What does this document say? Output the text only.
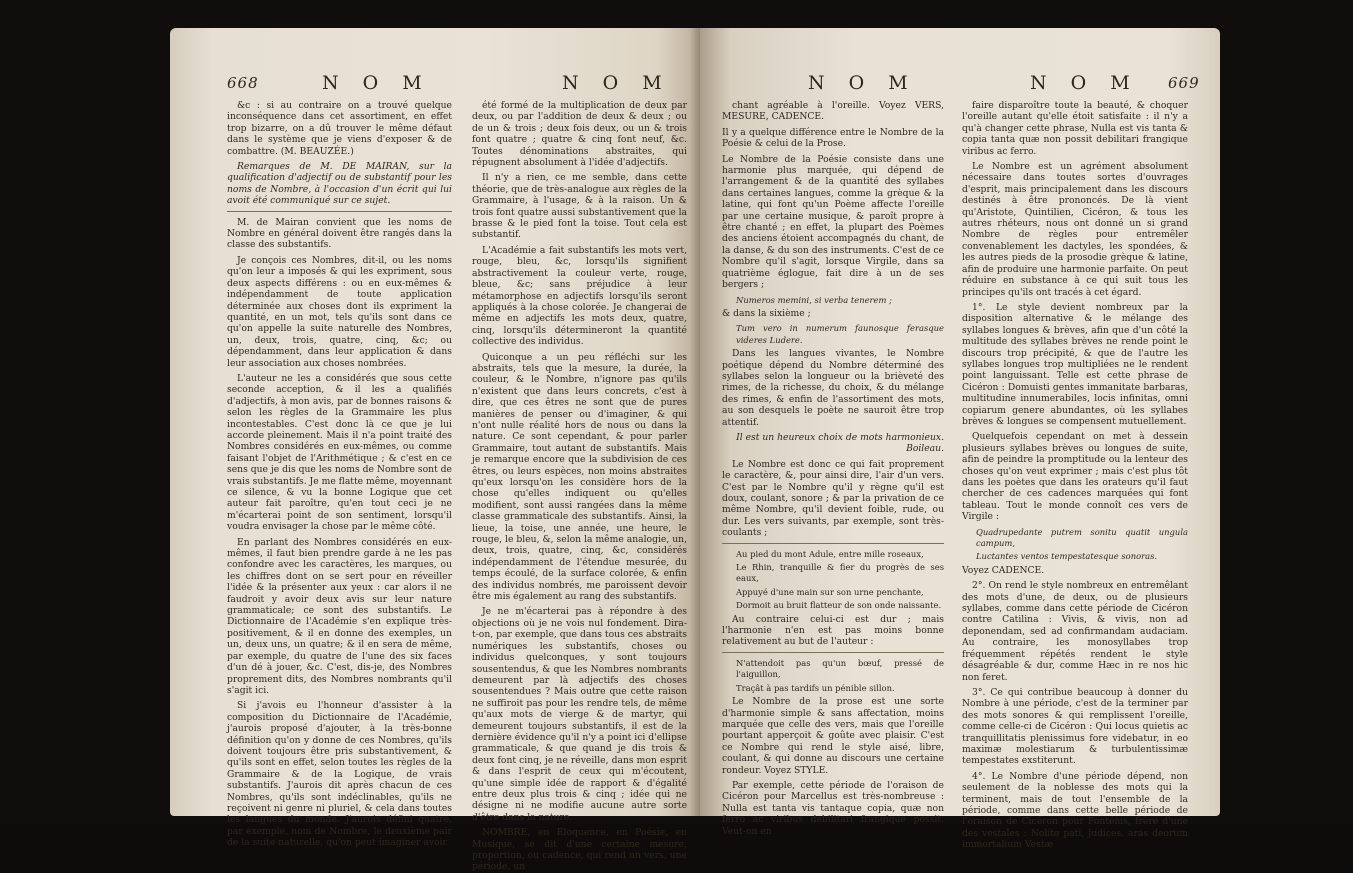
668	N O M	N O M

&c : si au contraire on a trouvé quelque inconséquence dans cet assortiment, en effet trop bizarre, on a dû trouver le même défaut dans le système que je viens d'exposer & de combattre. (M. BEAUZÉE.)

Remarques de M. DE MAIRAN, sur la qualification d'adjectif ou de substantif pour les noms de Nombre, à l'occasion d'un écrit qui lui avoit été communiqué sur ce sujet.

M. de Mairan convient que les noms de Nombre en général doivent être rangés dans la classe des substantifs.

Je conçois ces Nombres, dit-il, ou les noms qu'on leur a imposés & qui les expriment, sous deux aspects différens : ou en eux-mêmes & indépendamment de toute application déterminée aux choses dont ils expriment la quantité, en un mot, tels qu'ils sont dans ce qu'on appelle la suite naturelle des Nombres, un, deux, trois, quatre, cinq, &c; ou dépendamment, dans leur application & dans leur association aux choses nombrées.

L'auteur ne les a considérés que sous cette seconde acception, & il les a qualifiés d'adjectifs, à mon avis, par de bonnes raisons & selon les règles de la Grammaire les plus incontestables. C'est donc là ce que je lui accorde pleinement. Mais il n'a point traité des Nombres considérés en eux-mêmes, ou comme faisant l'objet de l'Arithmétique ; & c'est en ce sens que je dis que les noms de Nombre sont de vrais substantifs. Je me flatte même, moyennant ce silence, & vu la bonne Logique que cet auteur fait paroître, qu'en tout ceci je ne m'écarterai point de son sentiment, lorsqu'il voudra envisager la chose par le même côté.

En parlant des Nombres considérés en eux-mêmes, il faut bien prendre garde à ne les pas confondre avec les caractères, les marques, ou les chiffres dont on se sert pour en réveiller l'idée & la présenter aux yeux : car alors il ne faudroit y avoir deux avis sur leur nature grammaticale; ce sont des substantifs. Le Dictionnaire de l'Académie s'en explique très-positivement, & il en donne des exemples, un un, deux uns, un quatre; & il en sera de même, par exemple, du quatre de l'une des six faces d'un dé à jouer, &c. C'est, dis-je, des Nombres proprement dits, des Nombres nombrants qu'il s'agit ici.

Si j'avois eu l'honneur d'assister à la composition du Dictionnaire de l'Académie, j'aurois proposé d'ajouter, à la très-bonne définition qu'on y donne de ces Nombres, qu'ils doivent toujours être pris substantivement, & qu'ils sont en effet, selon toutes les règles de la Grammaire & de la Logique, de vrais substantifs. J'aurois dit après chacun de ces Nombres, qu'ils sont indéclinables, qu'ils ne reçoivent ni genre ni pluriel, & cela dans toutes les langues du monde. J'aurois défini quatre, par exemple, nom de Nombre, le deuxième pair de la suite naturelle, qu'on peut imaginer avoir

été formé de la multiplication de deux par deux, ou par l'addition de deux & deux ; ou de un & trois ; deux fois deux, ou un & trois font quatre ; quatre & cinq font neuf, &c. Toutes dénominations abstraites, qui répugnent absolument à l'idée d'adjectifs.

Il n'y a rien, ce me semble, dans cette théorie, que de très-analogue aux règles de la Grammaire, à l'usage, & à la raison. Un & trois font quatre aussi substantivement que la brasse & le pied font la toise. Tout cela est substantif.

L'Académie a fait substantifs les mots vert, rouge, bleu, &c, lorsqu'ils signifient abstractivement la couleur verte, rouge, bleue, &c; sans préjudice à leur métamorphose en adjectifs lorsqu'ils seront appliqués à la chose colorée. Je changerai de même en adjectifs les mots deux, quatre, cinq, lorsqu'ils détermineront la quantité collective des individus.

Quiconque a un peu réfléchi sur les abstraits, tels que la mesure, la durée, la couleur, & le Nombre, n'ignore pas qu'ils n'existent que dans leurs concrets, c'est à dire, que ces êtres ne sont que de pures manières de penser ou d'imaginer, & qui n'ont nulle réalité hors de nous ou dans la nature. Ce sont cependant, & pour parler Grammaire, tout autant de substantifs. Mais je remarque encore que la subdivision de ces êtres, ou leurs espèces, non moins abstraites qu'eux lorsqu'on les considère hors de la chose qu'elles indiquent ou qu'elles modifient, sont aussi rangées dans la même classe grammaticale des substantifs. Ainsi, la lieue, la toise, une année, une heure, le rouge, le bleu, &, selon la même analogie, un, deux, trois, quatre, cinq, &c, considérés indépendamment de l'étendue mesurée, du temps écoulé, de la surface colorée, & enfin des individus nombrés, me paroissent devoir être mis également au rang des substantifs.

Je ne m'écarterai pas à répondre à des objections où je ne vois nul fondement. Dira-t-on, par exemple, que dans tous ces abstraits numériques les substantifs, choses ou individus quelconques, y sont toujours sousentendus, & que les Nombres nombrants demeurent par là adjectifs des choses sousentendues ? Mais outre que cette raison ne suffiroit pas pour les rendre tels, de même qu'aux mots de vierge & de martyr, qui demeurent toujours substantifs, il est de la dernière évidence qu'il n'y a point ici d'ellipse grammaticale, & que quand je dis trois & deux font cinq, je ne réveille, dans mon esprit & dans l'esprit de ceux qui m'écoutent, qu'une simple idée de rapport & d'égalité entre deux plus trois & cinq ; idée qui ne désigne ni ne modifie aucune autre sorte d'être dans la nature.

NOMBRE, en Eloquence, en Poésie, en Musique, se dit d'une certaine mesure, proportion, ou cadence, qui rend un vers, une période, un

N O M	N O M 669

chant agréable à l'oreille. Voyez VERS, MESURE, CADENCE.

Il y a quelque différence entre le Nombre de la Poésie & celui de la Prose.

Le Nombre de la Poésie consiste dans une harmonie plus marquée, qui dépend de l'arrangement & de la quantité des syllabes dans certaines langues, comme la grèque & la latine, qui font qu'un Poème affecte l'oreille par une certaine musique, & paroît propre à être chanté ; en effet, la plupart des Poèmes des anciens étoient accompagnés du chant, de la danse, & du son des instruments. C'est de ce Nombre qu'il s'agit, lorsque Virgile, dans sa quatrième églogue, fait dire à un de ses bergers ;

Numeros memini, si verba tenerem ;

& dans la sixième ;

Tum vero in numerum faunosque ferasque videres Ludere.

Dans les langues vivantes, le Nombre poétique dépend du Nombre déterminé des syllabes selon la longueur ou la brièveté des rimes, de la richesse, du choix, & du mélange des rimes, & enfin de l'assortiment des mots, au son desquels le poète ne sauroit être trop attentif.

Il est un heureux choix de mots harmonieux. Boileau.

Le Nombre est donc ce qui fait proprement le caractère, &, pour ainsi dire, l'air d'un vers. C'est par le Nombre qu'il y règne qu'il est doux, coulant, sonore ; & par la privation de ce même Nombre, qu'il devient foible, rude, ou dur. Les vers suivants, par exemple, sont très-coulants ;

Au pied du mont Adule, entre mille roseaux,

Le Rhin, tranquille & fier du progrès de ses eaux,

Appuyé d'une main sur son urne penchante,

Dormoit au bruit flatteur de son onde naissante.

Au contraire celui-ci est dur ; mais l'harmonie n'en est pas moins bonne relativement au but de l'auteur :

N'attendoit pas qu'un bœuf, pressé de l'aiguillon,

Traçât à pas tardifs un pénible sillon.

Le Nombre de la prose est une sorte d'harmonie simple & sans affectation, moins marquée que celle des vers, mais que l'oreille pourtant apperçoit & goûte avec plaisir. C'est ce Nombre qui rend le style aisé, libre, coulant, & qui donne au discours une certaine rondeur. Voyez STYLE.

Par exemple, cette période de l'oraison de Cicéron pour Marcellus est très-nombreuse : Nulla est tanta vis tantaque copia, quæ non ferro ac viribus debilitari frangique possit. Veut-on en

faire disparoître toute la beauté, & choquer l'oreille autant qu'elle étoit satisfaite : il n'y a qu'à changer cette phrase, Nulla est vis tanta & copia tanta quæ non possit debilitari frangique viribus ac ferro.

Le Nombre est un agrément absolument nécessaire dans toutes sortes d'ouvrages d'esprit, mais principalement dans les discours destinés à être prononcés. De là vient qu'Aristote, Quintilien, Cicéron, & tous les autres rhéteurs, nous ont donné un si grand Nombre de règles pour entremêler convenablement les dactyles, les spondées, & les autres pieds de la prosodie grèque & latine, afin de produire une harmonie parfaite. On peut réduire en substance à ce qui suit tous les principes qu'ils ont tracés à cet égard.

1°. Le style devient nombreux par la disposition alternative & le mélange des syllabes longues & brèves, afin que d'un côté la multitude des syllabes brèves ne rende point le discours trop précipité, & que de l'autre les syllabes longues trop multipliées ne le rendent point languissant. Telle est cette phrase de Cicéron : Domuisti gentes immanitate barbaras, multitudine innumerabiles, locis infinitas, omni copiarum genere abundantes, où les syllabes brèves & longues se compensent mutuellement.

Quelquefois cependant on met à dessein plusieurs syllabes brèves ou longues de suite, afin de peindre la promptitude ou la lenteur des choses qu'on veut exprimer ; mais c'est plus tôt dans les poètes que dans les orateurs qu'il faut chercher de ces cadences marquées qui font tableau. Tout le monde connoît ces vers de Virgile :

Quadrupedante putrem sonitu quatit ungula campum,

Luctantes ventos tempestatesque sonoras.

Voyez CADENCE.

2°. On rend le style nombreux en entremêlant des mots d'une, de deux, ou de plusieurs syllabes, comme dans cette période de Cicéron contre Catilina : Vivis, & vivis, non ad deponendam, sed ad confirmandam audaciam. Au contraire, les monosyllabes trop fréquemment répétés rendent le style désagréable & dur, comme Hæc in re nos hic non feret.

3°. Ce qui contribue beaucoup à donner du Nombre à une période, c'est de la terminer par des mots sonores & qui remplissent l'oreille, comme celle-ci de Cicéron : Qui locus quietis ac tranquillitatis plenissimus fore videbatur, in eo maximæ molestiarum & turbulentissimæ tempestates exstiterunt.

4°. Le Nombre d'une période dépend, non seulement de la noblesse des mots qui la terminent, mais de tout l'ensemble de la période, comme dans cette belle période de l'oraison de Cicéron pour Fontéius, frère d'une des vestales : Nolite pati, judices, aras deorum immortalium Vestæ
